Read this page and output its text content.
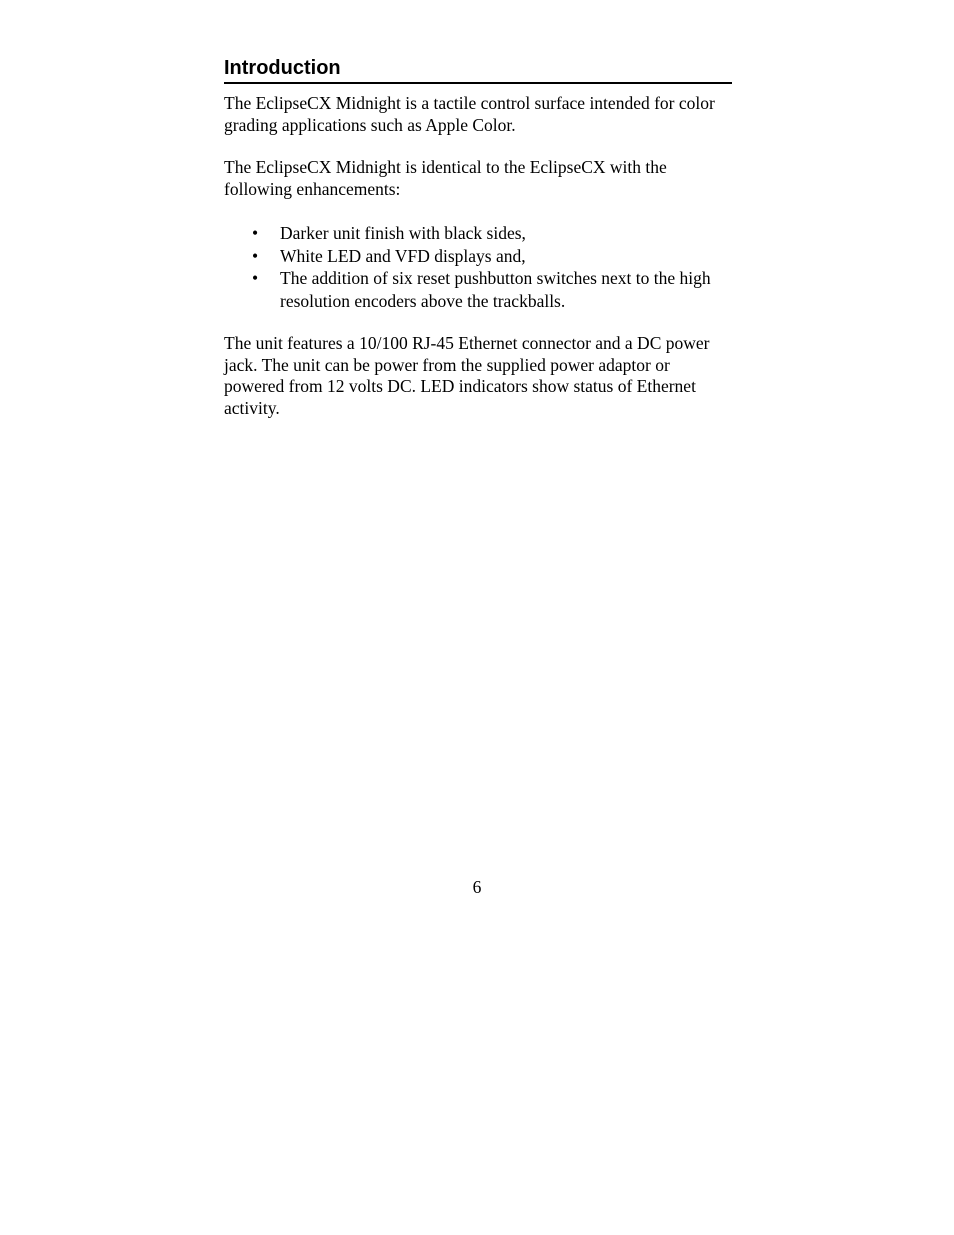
Introduction

The EclipseCX Midnight is a tactile control surface intended for color grading applications such as Apple Color.

The EclipseCX Midnight is identical to the EclipseCX with the following enhancements:

• Darker unit finish with black sides,
• White LED and VFD displays and,
• The addition of six reset pushbutton switches next to the high resolution encoders above the trackballs.

The unit features a 10/100 RJ-45 Ethernet connector and a DC power jack. The unit can be power from the supplied power adaptor or powered from 12 volts DC. LED indicators show status of Ethernet activity.

6
